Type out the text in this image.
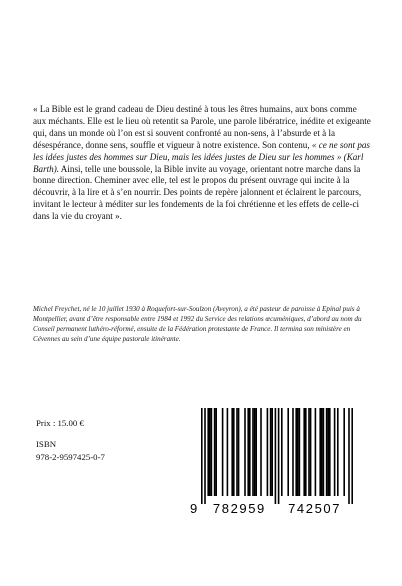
« La Bible est le grand cadeau de Dieu destiné à tous les êtres humains, aux bons comme aux méchants. Elle est le lieu où retentit sa Parole, une parole libératrice, inédite et exigeante qui, dans un monde où l’on est si souvent confronté au non-sens, à l’absurde et à la désespérance, donne sens, souffle et vigueur à notre existence. Son contenu, « ce ne sont pas les idées justes des hommes sur Dieu, mais les idées justes de Dieu sur les hommes » (Karl Barth). Ainsi, telle une boussole, la Bible invite au voyage, orientant notre marche dans la bonne direction. Cheminer avec elle, tel est le propos du présent ouvrage qui incite à la découvrir, à la lire et à s’en nourrir. Des points de repère jalonnent et éclairent le parcours, invitant le lecteur à méditer sur les fondements de la foi chrétienne et les effets de celle-ci dans la vie du croyant ».

Michel Freychet, né le 10 juillet 1930 à Roquefort-sur-Soulzon (Aveyron), a été pasteur de paroisse à Epinal puis à Montpellier, avant d’être responsable entre 1984 et 1992 du Service des relations œcuméniques, d’abord au nom du Conseil permanent luthéro-réformé, ensuite de la Fédération protestante de France. Il termina son ministère en Cévennes au sein d’une équipe pastorale itinérante.

Prix : 15.00 €
ISBN
978-2-9597425-0-7
9 782959 742507
